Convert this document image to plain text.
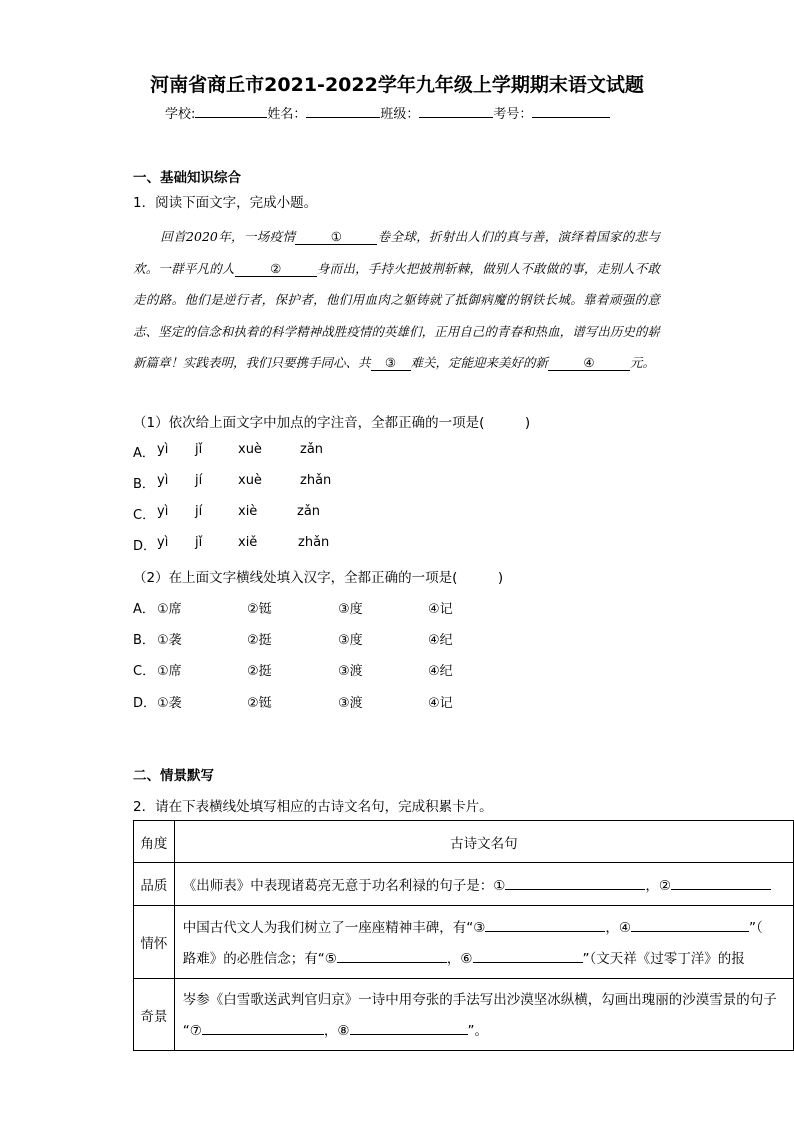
河南省商丘市2021-2022学年九年级上学期期末语文试题
学校:	姓名：	班级：	考号：
一、基础知识综合
1．阅读下面文字，完成小题。
回首2020年，一场疫情	①	卷全球，折射出人们的真与善，演绎着国家的悲与欢。一群平凡的人	②	身而出，手持火把披荆斩棘，做别人不敢做的事，走别人不敢走的路。他们是逆行者，保护者，他们用血肉之躯铸就了抵御病魔的钢铁长城。靠着顽强的意志、坚定的信念和执着的科学精神战胜疫情的英雄们，正用自己的青春和热血，谱写出历史的崭新篇章！实践表明，我们只要携手同心、共 ③ 难关，定能迎来美好的新	④	元。
（1）依次给上面文字中加点的字注音，全都正确的一项是(　　　)
A． yì jǐ	xuè	zǎn
B． yì jí	xuè	zhǎn
C． yì jí	xiè	zǎn
D． yì jǐ	xiě	zhǎn
（2）在上面文字横线处填入汉字，全都正确的一项是(　　　)
A． ①席	②铤	③度	④记
B． ①袭	②挺	③度	④纪
C． ①席	②挺	③渡	④纪
D． ①袭	②铤	③渡	④记
二、情景默写
2．请在下表横线处填写相应的古诗文名句，完成积累卡片。
角度	古诗文名句
品质	《出师表》中表现诸葛亮无意于功名利禄的句子是：① ，②

情怀	中国古代文人为我们树立了一座座精神丰碑，有“③ ，④ ”（
路难》的必胜信念；有“⑤ ，⑥ ”（文天祥《过零丁洋》的报

奇景	岑参《白雪歌送武判官归京》一诗中用夸张的手法写出沙漠坚冰纵横，勾画出瑰丽的沙漠雪景的句子
“⑦ ，⑧ ”。
